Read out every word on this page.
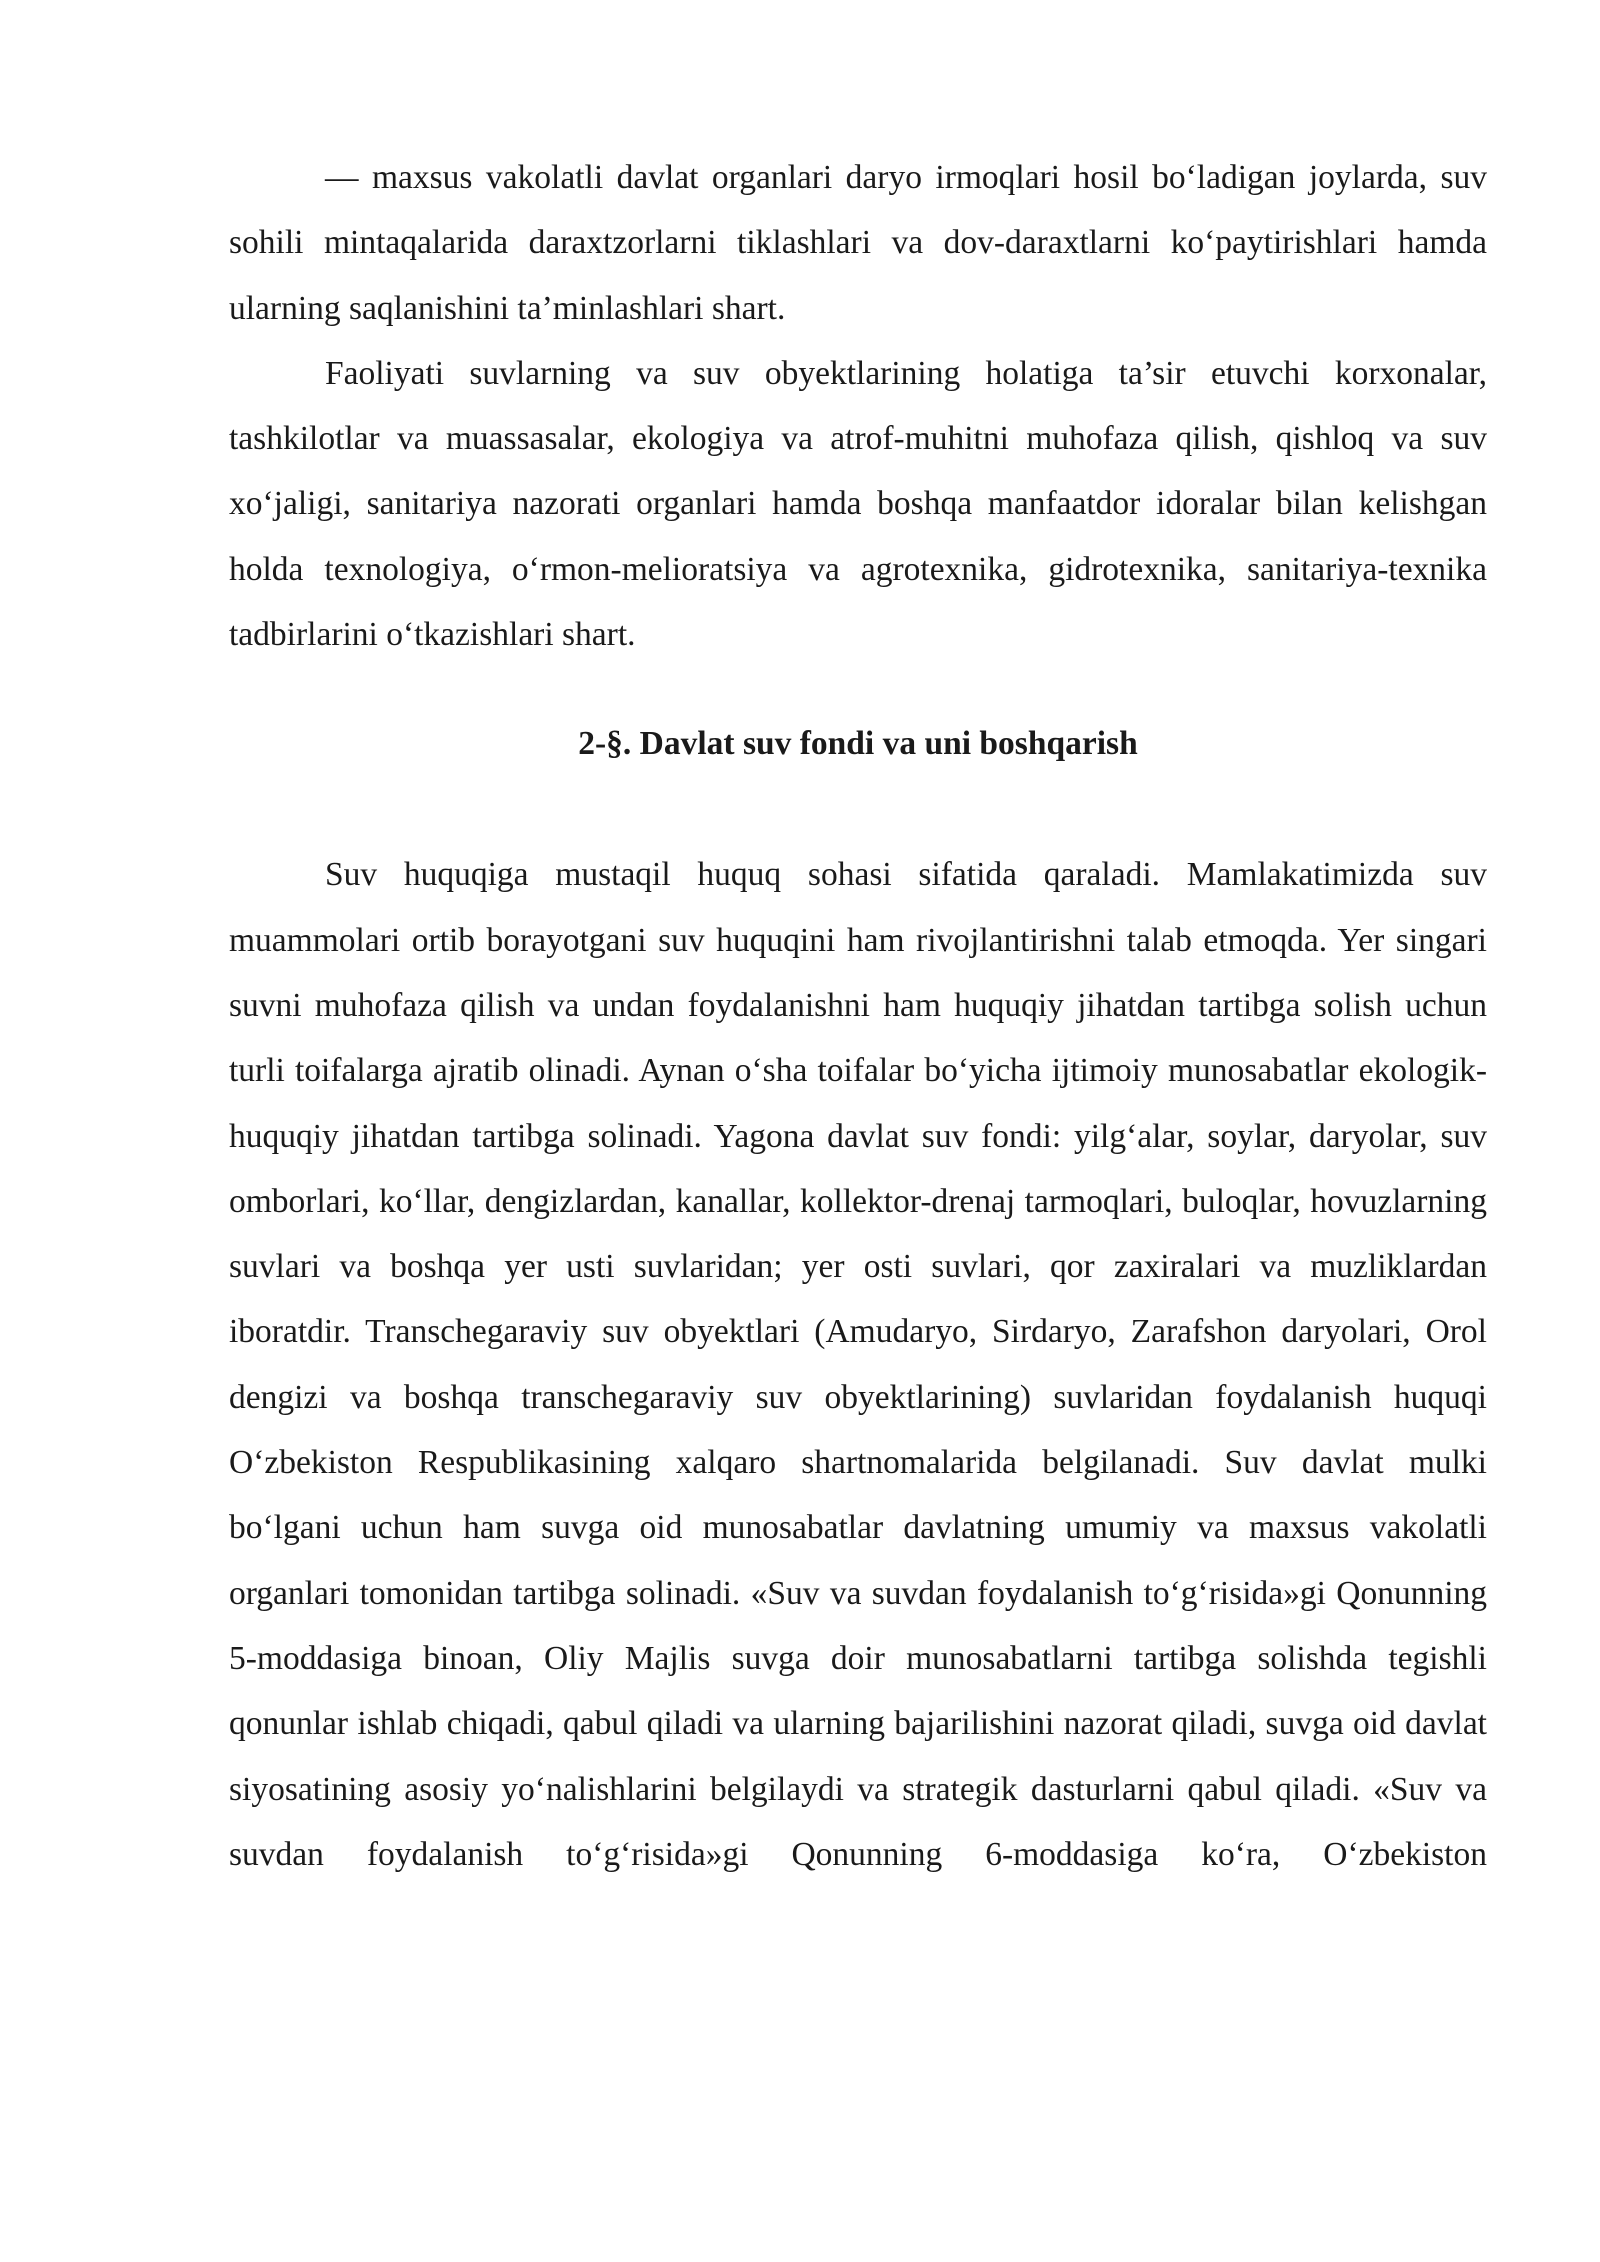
— maxsus vakolatli davlat organlari daryo irmoqlari hosil bo‘ladigan joylarda, suv sohili mintaqalarida daraxtzorlarni tiklashlari va dov-daraxtlarni ko‘paytirishlari hamda ularning saqlanishini ta’minlashlari shart.

Faoliyati suvlarning va suv obyektlarining holatiga ta’sir etuvchi korxonalar, tashkilotlar va muassasalar, ekologiya va atrof-muhitni muhofaza qilish, qishloq va suv xo‘jaligi, sanitariya nazorati organlari hamda boshqa manfaatdor idoralar bilan kelishgan holda texnologiya, o‘rmon-melioratsiya va agrotexnika, gidrotexnika, sanitariya-texnika tadbirlarini o‘tkazishlari shart.

2-§. Davlat suv fondi va uni boshqarish

Suv huquqiga mustaqil huquq sohasi sifatida qaraladi. Mamlakatimizda suv muammolari ortib borayotgani suv huquqini ham rivojlantirishni talab etmoqda. Yer singari suvni muhofaza qilish va undan foydalanishni ham huquqiy jihatdan tartibga solish uchun turli toifalarga ajratib olinadi. Aynan o‘sha toifalar bo‘yicha ijtimoiy munosabatlar ekologik-huquqiy jihatdan tartibga solinadi. Yagona davlat suv fondi: yilg‘alar, soylar, daryolar, suv omborlari, ko‘llar, dengizlardan, kanallar, kollektor-drenaj tarmoqlari, buloqlar, hovuzlarning suvlari va boshqa yer usti suvlaridan; yer osti suvlari, qor zaxiralari va muzliklardan iboratdir. Transchegaraviy suv obyektlari (Amudaryo, Sirdaryo, Zarafshon daryolari, Orol dengizi va boshqa transchegaraviy suv obyektlarining) suvlaridan foydalanish huquqi O‘zbekiston Respublikasining xalqaro shartnomalarida belgilanadi. Suv davlat mulki bo‘lgani uchun ham suvga oid munosabatlar davlatning umumiy va maxsus vakolatli organlari tomonidan tartibga solinadi. «Suv va suvdan foydalanish to‘g‘risida»gi Qonunning 5-moddasiga binoan, Oliy Majlis suvga doir munosabatlarni tartibga solishda tegishli qonunlar ishlab chiqadi, qabul qiladi va ularning bajarilishini nazorat qiladi, suvga oid davlat siyosatining asosiy yo‘nalishlarini belgilaydi va strategik dasturlarni qabul qiladi. «Suv va suvdan foydalanish to‘g‘risida»gi Qonunning 6-moddasiga ko‘ra, O‘zbekiston
